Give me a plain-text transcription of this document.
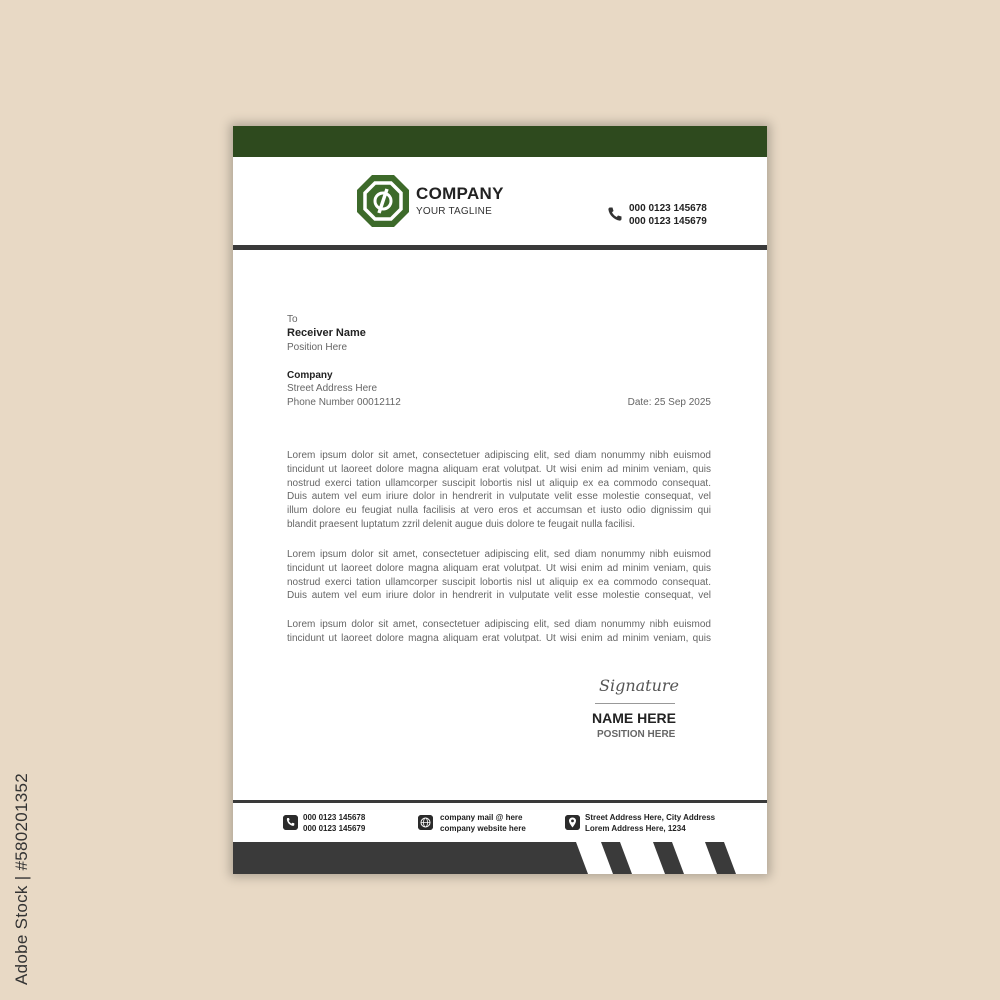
Adobe Stock | #580201352
COMPANY
YOUR TAGLINE	000 0123 145678
000 0123 145679
To
Receiver Name
Position Here
Company
Street Address Here
Phone Number 00012112	Date: 25 Sep 2025
Lorem ipsum dolor sit amet, consectetuer adipiscing elit, sed diam nonummy nibh euismod
tincidunt ut laoreet dolore magna aliquam erat volutpat. Ut wisi enim ad minim veniam, quis
nostrud exerci tation ullamcorper suscipit lobortis nisl ut aliquip ex ea commodo consequat.
Duis autem vel eum iriure dolor in hendrerit in vulputate velit esse molestie consequat, vel
illum dolore eu feugiat nulla facilisis at vero eros et accumsan et iusto odio dignissim qui
blandit praesent luptatum zzril delenit augue duis dolore te feugait nulla facilisi.
Lorem ipsum dolor sit amet, consectetuer adipiscing elit, sed diam nonummy nibh euismod
tincidunt ut laoreet dolore magna aliquam erat volutpat. Ut wisi enim ad minim veniam, quis
nostrud exerci tation ullamcorper suscipit lobortis nisl ut aliquip ex ea commodo consequat.
Duis autem vel eum iriure dolor in hendrerit in vulputate velit esse molestie consequat, vel
Lorem ipsum dolor sit amet, consectetuer adipiscing elit, sed diam nonummy nibh euismod
tincidunt ut laoreet dolore magna aliquam erat volutpat. Ut wisi enim ad minim veniam, quis
Signature
NAME HERE
POSITION HERE
000 0123 145678
000 0123 145679
company mail @ here
company website here
Street Address Here, City Address
Lorem Address Here, 1234
